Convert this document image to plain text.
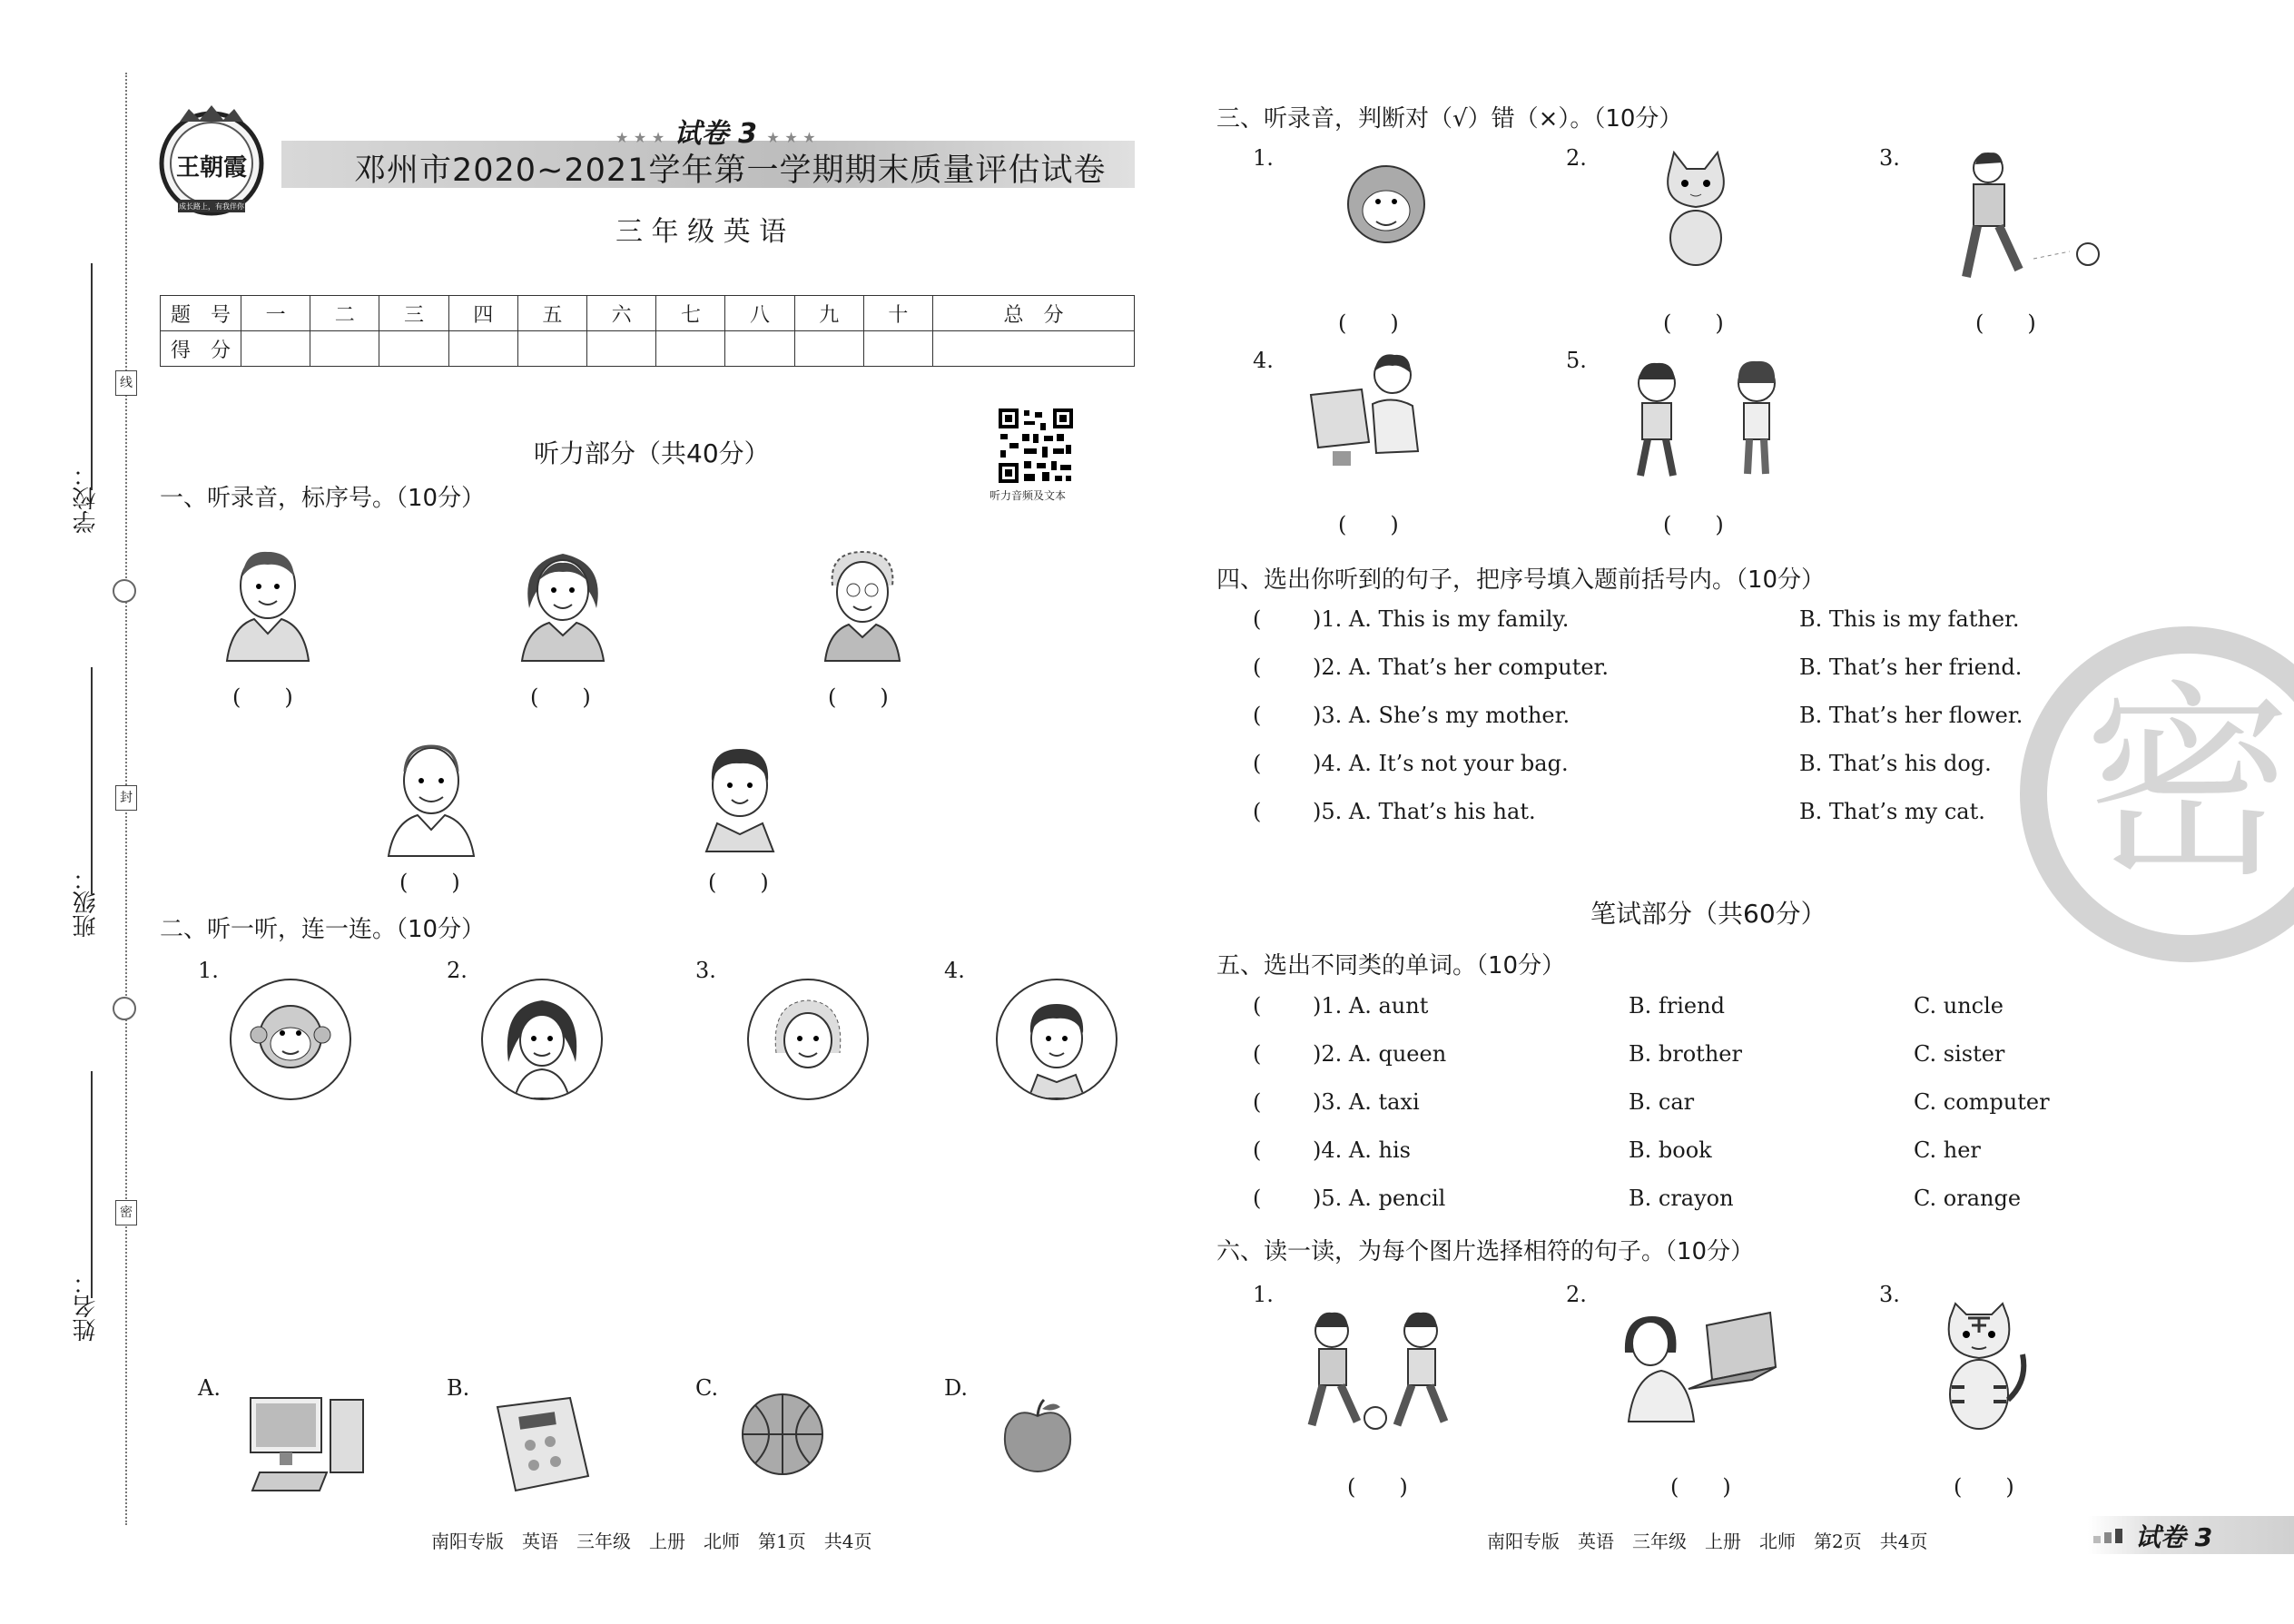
学校：
班级：
姓名：
线
封
密
王朝霞
成长路上，有我伴你
★ ★ ★ 试卷 3 ★ ★ ★
邓州市2020~2021学年第一学期期末质量评估试卷
三 年 级 英 语
题　号	一	二	三	四	五	六	七	八	九	十	总　分
得　分											
听力音频及文本
听力部分（共40分）
一、听录音，标序号。（10分）
(　　)	(　　)	(　　)
(　　)	(　　)
二、听一听，连一连。（10分）
1.	2.	3.	4.
A.	B.	C.	D.
三、听录音，判断对（√）错（×）。（10分）
1.	2.	3.
4.	5.
(　　)	(　　)	(　　)
(　　)	(　　)
四、选出你听到的句子，把序号填入题前括号内。（10分）
( )1. A. This is my family.	B. This is my father.
( )2. A. That’s her computer.	B. That’s her friend.
( )3. A. She’s my mother.	B. That’s her flower.
( )4. A. It’s not your bag.	B. That’s his dog.
( )5. A. That’s his hat.	B. That’s my cat. 密
笔试部分（共60分）
五、选出不同类的单词。（10分）
( )1. A. aunt	B. friend	C. uncle
( )2. A. queen	B. brother	C. sister
( )3. A. taxi	B. car	C. computer
( )4. A. his	B. book	C. her
( )5. A. pencil	B. crayon	C. orange
六、读一读，为每个图片选择相符的句子。（10分）
1.	2.	3.
(　　)	(　　)	(　　)
南阳专版　英语　三年级　上册　北师　第1页　共4页	南阳专版　英语　三年级　上册　北师　第2页　共4页	试卷 3
